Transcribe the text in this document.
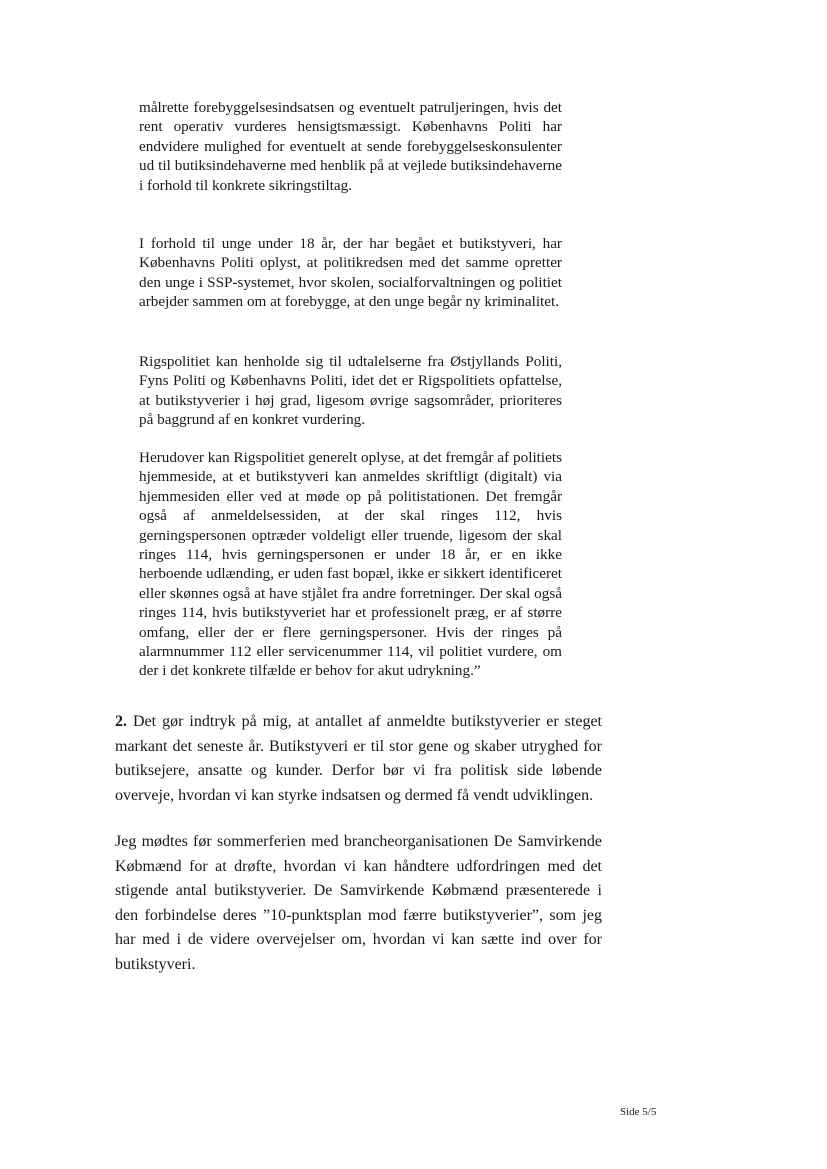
målrette forebyggelsesindsatsen og eventuelt patruljeringen, hvis det rent operativ vurderes hensigtsmæssigt. Københavns Politi har endvidere mulighed for eventuelt at sende forebyggelseskonsulenter ud til butiksindehaverne med henblik på at vejlede butiksindehaverne i forhold til konkrete sikringstiltag.

I forhold til unge under 18 år, der har begået et butikstyveri, har Københavns Politi oplyst, at politikredsen med det samme opretter den unge i SSP-systemet, hvor skolen, socialforvaltningen og politiet arbejder sammen om at forebygge, at den unge begår ny kriminalitet.

Rigspolitiet kan henholde sig til udtalelserne fra Østjyllands Politi, Fyns Politi og Københavns Politi, idet det er Rigspolitiets opfattelse, at butikstyverier i høj grad, ligesom øvrige sagsområder, prioriteres på baggrund af en konkret vurdering.

Herudover kan Rigspolitiet generelt oplyse, at det fremgår af politiets hjemmeside, at et butikstyveri kan anmeldes skriftligt (digitalt) via hjemmesiden eller ved at møde op på politistationen. Det fremgår også af anmeldelsessiden, at der skal ringes 112, hvis gerningspersonen optræder voldeligt eller truende, ligesom der skal ringes 114, hvis gerningspersonen er under 18 år, er en ikke herboende udlænding, er uden fast bopæl, ikke er sikkert identificeret eller skønnes også at have stjålet fra andre forretninger. Der skal også ringes 114, hvis butikstyveriet har et professionelt præg, er af større omfang, eller der er flere gerningspersoner. Hvis der ringes på alarmnummer 112 eller servicenummer 114, vil politiet vurdere, om der i det konkrete tilfælde er behov for akut udrykning.”

2. Det gør indtryk på mig, at antallet af anmeldte butikstyverier er steget markant det seneste år. Butikstyveri er til stor gene og skaber utryghed for butiksejere, ansatte og kunder. Derfor bør vi fra politisk side løbende overveje, hvordan vi kan styrke indsatsen og dermed få vendt udviklingen.

Jeg mødtes før sommerferien med brancheorganisationen De Samvirkende Købmænd for at drøfte, hvordan vi kan håndtere udfordringen med det stigende antal butikstyverier. De Samvirkende Købmænd præsenterede i den forbindelse deres ”10-punktsplan mod færre butikstyverier”, som jeg har med i de videre overvejelser om, hvordan vi kan sætte ind over for butikstyveri.

Side 5/5
